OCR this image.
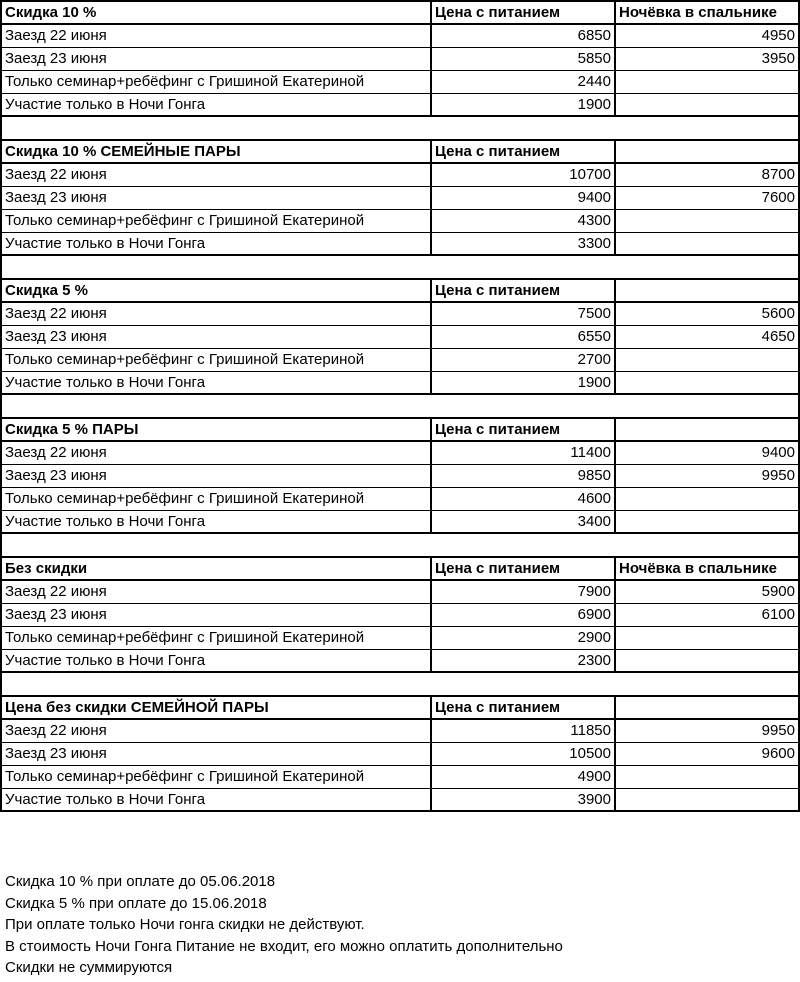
Скидка 10 %	Цена с питанием	Ночёвка в спальнике
Заезд 22 июня	6850	4950
Заезд 23 июня	5850	3950
Только семинар+ребёфинг с Гришиной Екатериной	2440
Участие только в Ночи Гонга	1900
Скидка 10 % СЕМЕЙНЫЕ ПАРЫ	Цена с питанием
Заезд 22 июня	10700	8700
Заезд 23 июня	9400	7600
Только семинар+ребёфинг с Гришиной Екатериной	4300
Участие только в Ночи Гонга	3300
Скидка 5 %	Цена с питанием
Заезд 22 июня	7500	5600
Заезд 23 июня	6550	4650
Только семинар+ребёфинг с Гришиной Екатериной	2700
Участие только в Ночи Гонга	1900
Скидка 5 % ПАРЫ	Цена с питанием
Заезд 22 июня	11400	9400
Заезд 23 июня	9850	9950
Только семинар+ребёфинг с Гришиной Екатериной	4600
Участие только в Ночи Гонга	3400
Без скидки	Цена с питанием	Ночёвка в спальнике
Заезд 22 июня	7900	5900
Заезд 23 июня	6900	6100
Только семинар+ребёфинг с Гришиной Екатериной	2900
Участие только в Ночи Гонга	2300
Цена без скидки СЕМЕЙНОЙ ПАРЫ	Цена с питанием
Заезд 22 июня	11850	9950
Заезд 23 июня	10500	9600
Только семинар+ребёфинг с Гришиной Екатериной	4900
Участие только в Ночи Гонга	3900
Скидка 10 % при оплате до 05.06.2018
Скидка 5 % при оплате до 15.06.2018
При оплате только Ночи гонга скидки не действуют.
В стоимость Ночи Гонга Питание не входит, его можно оплатить дополнительно
Скидки не суммируются
